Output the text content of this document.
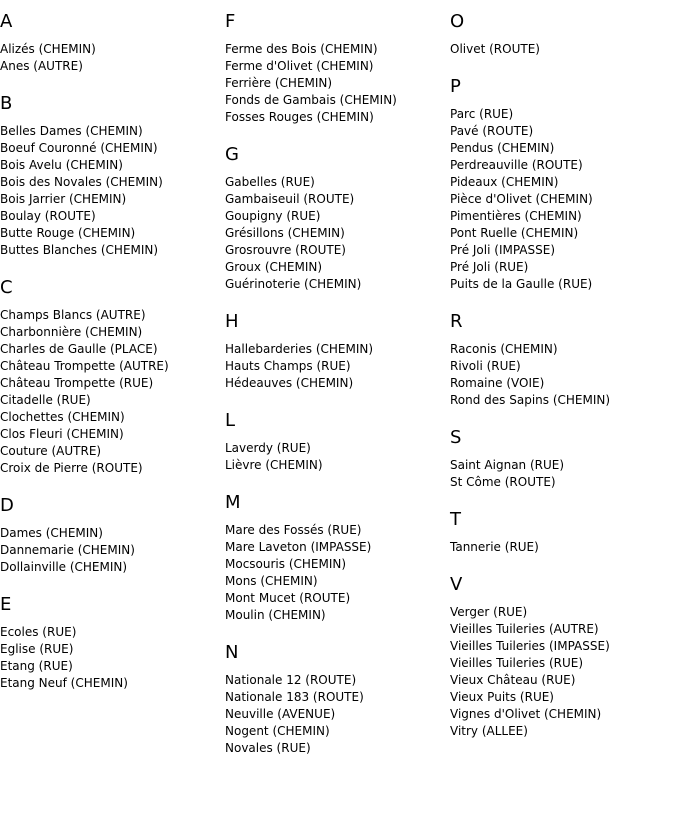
A
Alizés (CHEMIN)
Anes (AUTRE)
B
Belles Dames (CHEMIN)
Boeuf Couronné (CHEMIN)
Bois Avelu (CHEMIN)
Bois des Novales (CHEMIN)
Bois Jarrier (CHEMIN)
Boulay (ROUTE)
Butte Rouge (CHEMIN)
Buttes Blanches (CHEMIN)
C
Champs Blancs (AUTRE)
Charbonnière (CHEMIN)
Charles de Gaulle (PLACE)
Château Trompette (AUTRE)
Château Trompette (RUE)
Citadelle (RUE)
Clochettes (CHEMIN)
Clos Fleuri (CHEMIN)
Couture (AUTRE)
Croix de Pierre (ROUTE)
D
Dames (CHEMIN)
Dannemarie (CHEMIN)
Dollainville (CHEMIN)
E
Ecoles (RUE)
Eglise (RUE)
Etang (RUE)
Etang Neuf (CHEMIN)
F
Ferme des Bois (CHEMIN)
Ferme d'Olivet (CHEMIN)
Ferrière (CHEMIN)
Fonds de Gambais (CHEMIN)
Fosses Rouges (CHEMIN)
G
Gabelles (RUE)
Gambaiseuil (ROUTE)
Goupigny (RUE)
Grésillons (CHEMIN)
Grosrouvre (ROUTE)
Groux (CHEMIN)
Guérinoterie (CHEMIN)
H
Hallebarderies (CHEMIN)
Hauts Champs (RUE)
Hédeauves (CHEMIN)
L
Laverdy (RUE)
Lièvre (CHEMIN)
M
Mare des Fossés (RUE)
Mare Laveton (IMPASSE)
Mocsouris (CHEMIN)
Mons (CHEMIN)
Mont Mucet (ROUTE)
Moulin (CHEMIN)
N
Nationale 12 (ROUTE)
Nationale 183 (ROUTE)
Neuville (AVENUE)
Nogent (CHEMIN)
Novales (RUE)
O
Olivet (ROUTE)
P
Parc (RUE)
Pavé (ROUTE)
Pendus (CHEMIN)
Perdreauville (ROUTE)
Pideaux (CHEMIN)
Pièce d'Olivet (CHEMIN)
Pimentières (CHEMIN)
Pont Ruelle (CHEMIN)
Pré Joli (IMPASSE)
Pré Joli (RUE)
Puits de la Gaulle (RUE)
R
Raconis (CHEMIN)
Rivoli (RUE)
Romaine (VOIE)
Rond des Sapins (CHEMIN)
S
Saint Aignan (RUE)
St Côme (ROUTE)
T
Tannerie (RUE)
V
Verger (RUE)
Vieilles Tuileries (AUTRE)
Vieilles Tuileries (IMPASSE)
Vieilles Tuileries (RUE)
Vieux Château (RUE)
Vieux Puits (RUE)
Vignes d'Olivet (CHEMIN)
Vitry (ALLEE)
